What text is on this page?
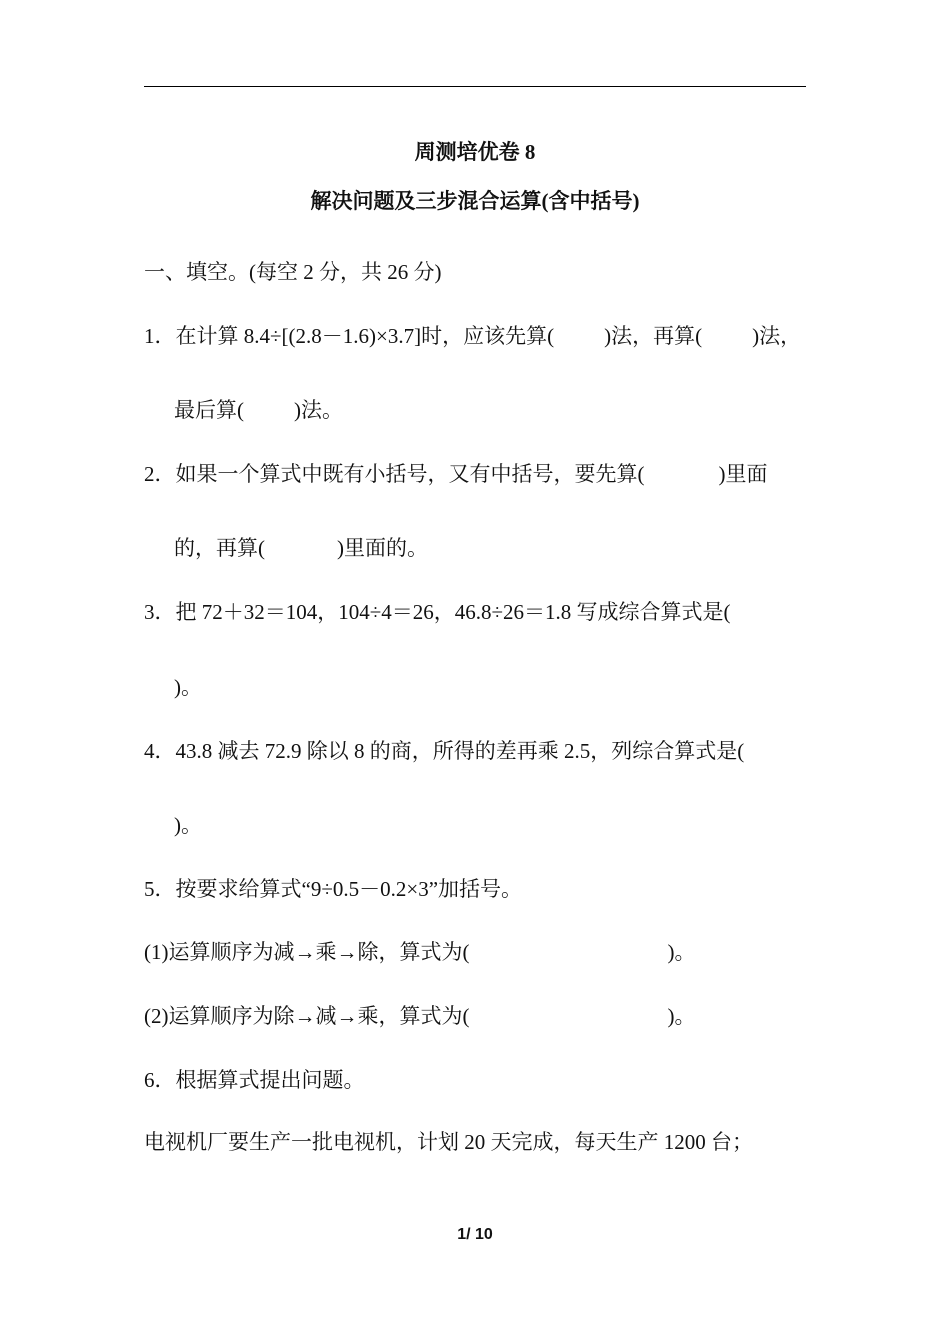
周测培优卷 8
解决问题及三步混合运算(含中括号)
一、填空。(每空 2 分，共 26 分)
1．在计算 8.4÷[(2.8－1.6)×3.7]时，应该先算( )法，再算( )法，
最后算( )法。
2．如果一个算式中既有小括号，又有中括号，要先算(	)里面
的，再算(	)里面的。
3．把 72＋32＝104，104÷4＝26，46.8÷26＝1.8 写成综合算式是(
)。
4．43.8 减去 72.9 除以 8 的商，所得的差再乘 2.5，列综合算式是(
)。
5．按要求给算式“9÷0.5－0.2×3”加括号。
(1)运算顺序为减→乘→除，算式为(	)。
(2)运算顺序为除→减→乘，算式为(	)。
6．根据算式提出问题。
电视机厂要生产一批电视机，计划 20 天完成，每天生产 1200 台；
1/ 10
